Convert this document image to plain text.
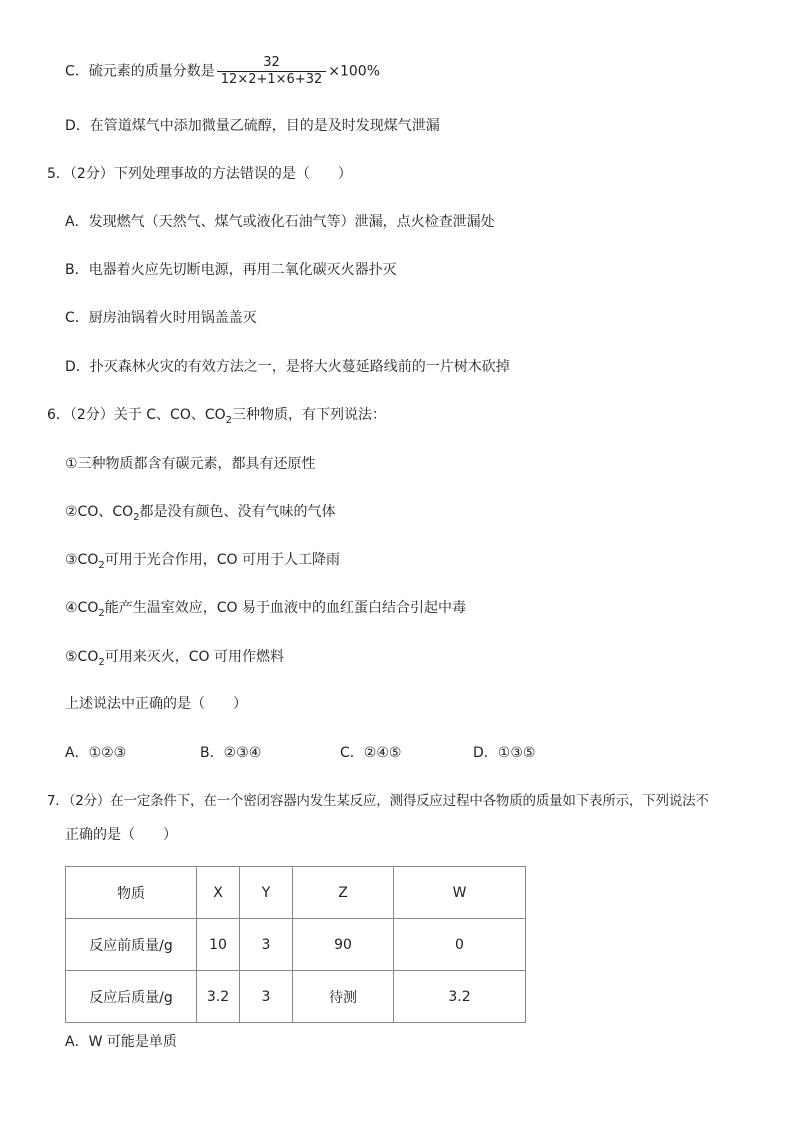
C．硫元素的质量分数是 $\frac{32}{12\times 2+1\times 6+32} \times 100\%$
D．在管道煤气中添加微量乙硫醇，目的是及时发现煤气泄漏
5．（2分）下列处理事故的方法错误的是（　　）
A．发现燃气（天然气、煤气或液化石油气等）泄漏，点火检查泄漏处
B．电器着火应先切断电源，再用二氧化碳灭火器扑灭
C．厨房油锅着火时用锅盖盖灭
D．扑灭森林火灾的有效方法之一，是将大火蔓延路线前的一片树木砍掉
6．（2分）关于 C、CO、$CO_2$三种物质，有下列说法：
①三种物质都含有碳元素，都具有还原性
②CO、$CO_2$都是没有颜色、没有气味的气体
$③CO_2$可用于光合作用，CO 可用于人工降雨
$④CO_2$能产生温室效应，CO 易于血液中的血红蛋白结合引起中毒
$⑤CO_2$可用来灭火，CO 可用作燃料
上述说法中正确的是（　　）
A．①②③	B．②③④	C．②④⑤	D．①③⑤
7．（2分）在一定条件下，在一个密闭容器内发生某反应，测得反应过程中各物质的质量如下表所示，下列说法不
正确的是（　　）
物质	X	Y	Z	W
反应前质量/g	10	3	90	0
反应后质量/g	3.2	3	待测	3.2
A．W 可能是单质
